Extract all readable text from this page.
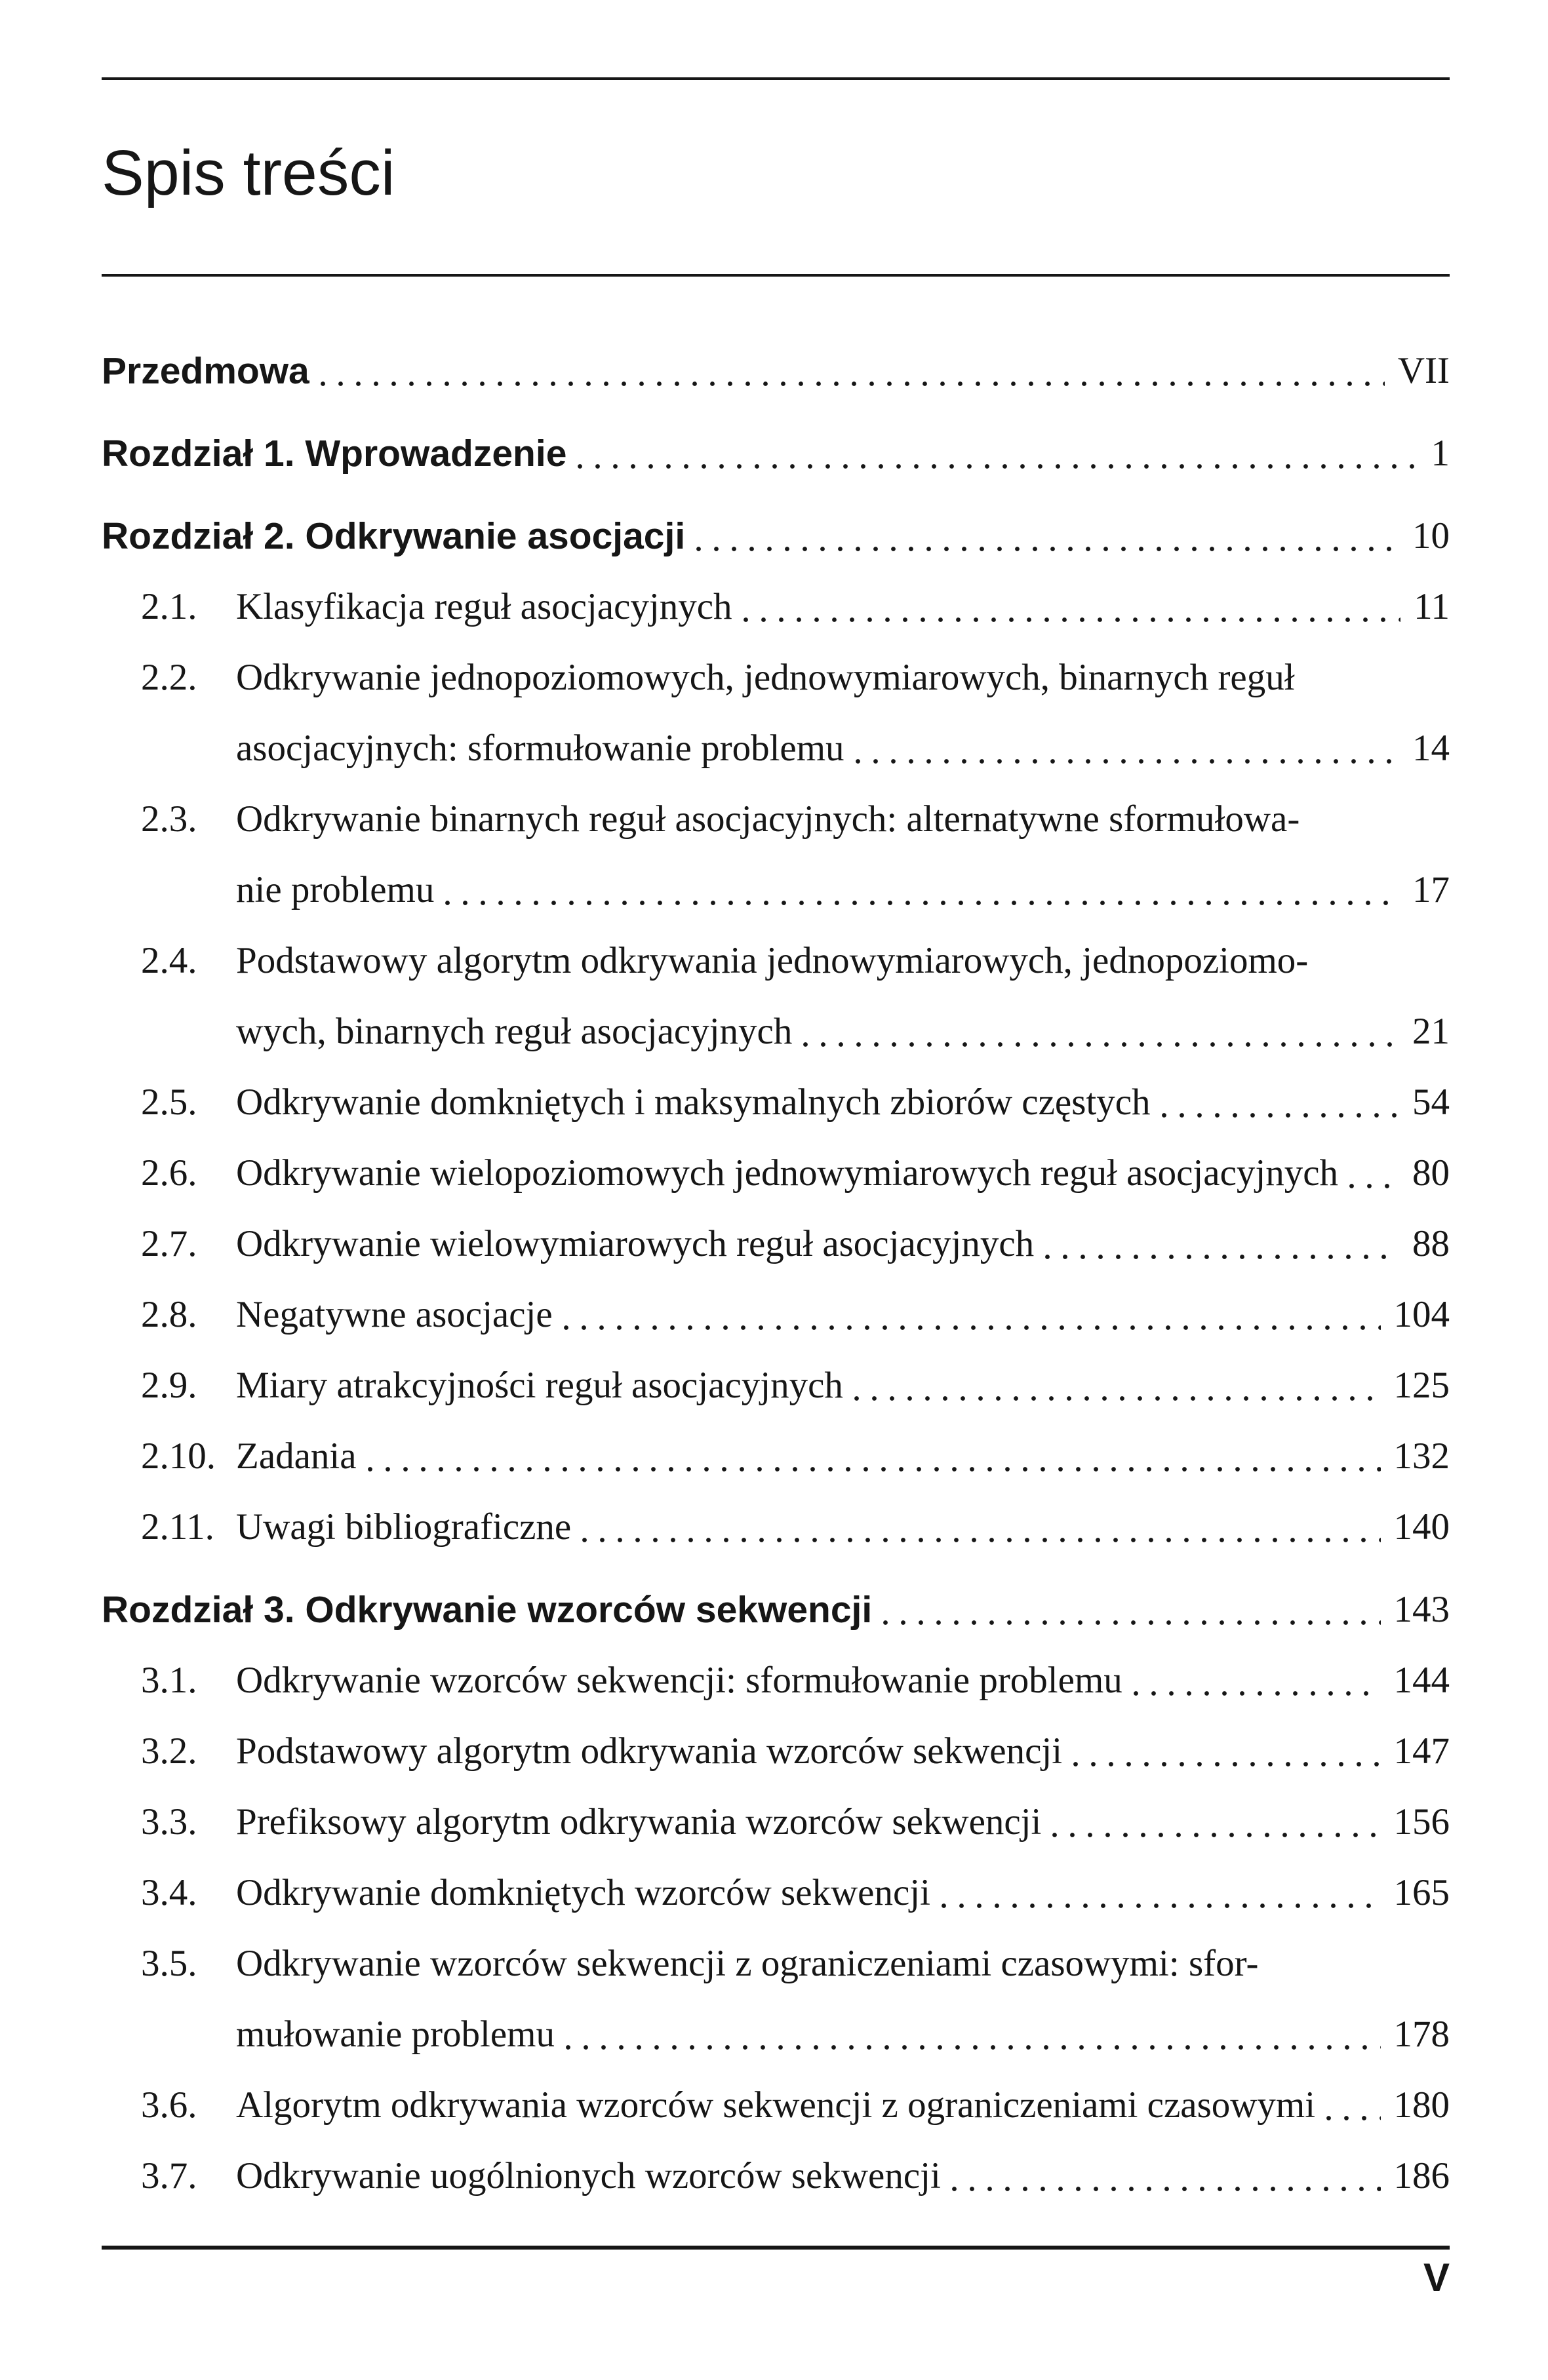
Spis treści
Przedmowa	VII
Rozdział 1. Wprowadzenie	1
Rozdział 2. Odkrywanie asocjacji	10
2.1.	Klasyfikacja reguł asocjacyjnych	11
2.2.	Odkrywanie jednopoziomowych, jednowymiarowych, binarnych reguł
asocjacyjnych: sformułowanie problemu	14
2.3.	Odkrywanie binarnych reguł asocjacyjnych: alternatywne sformułowa-
nie problemu	17
2.4.	Podstawowy algorytm odkrywania jednowymiarowych, jednopoziomo-
wych, binarnych reguł asocjacyjnych	21
2.5.	Odkrywanie domkniętych i maksymalnych zbiorów częstych	54
2.6.	Odkrywanie wielopoziomowych jednowymiarowych reguł asocjacyjnych 80
2.7.	Odkrywanie wielowymiarowych reguł asocjacyjnych	88
2.8.	Negatywne asocjacje	104
2.9.	Miary atrakcyjności reguł asocjacyjnych	125
2.10. Zadania	132
2.11. Uwagi bibliograficzne	140
Rozdział 3. Odkrywanie wzorców sekwencji	143
3.1.	Odkrywanie wzorców sekwencji: sformułowanie problemu	144
3.2.	Podstawowy algorytm odkrywania wzorców sekwencji	147
3.3.	Prefiksowy algorytm odkrywania wzorców sekwencji	156
3.4.	Odkrywanie domkniętych wzorców sekwencji	165
3.5.	Odkrywanie wzorców sekwencji z ograniczeniami czasowymi: sfor-
mułowanie problemu	178
3.6.	Algorytm odkrywania wzorców sekwencji z ograniczeniami czasowymi 180
3.7.	Odkrywanie uogólnionych wzorców sekwencji	186
V
